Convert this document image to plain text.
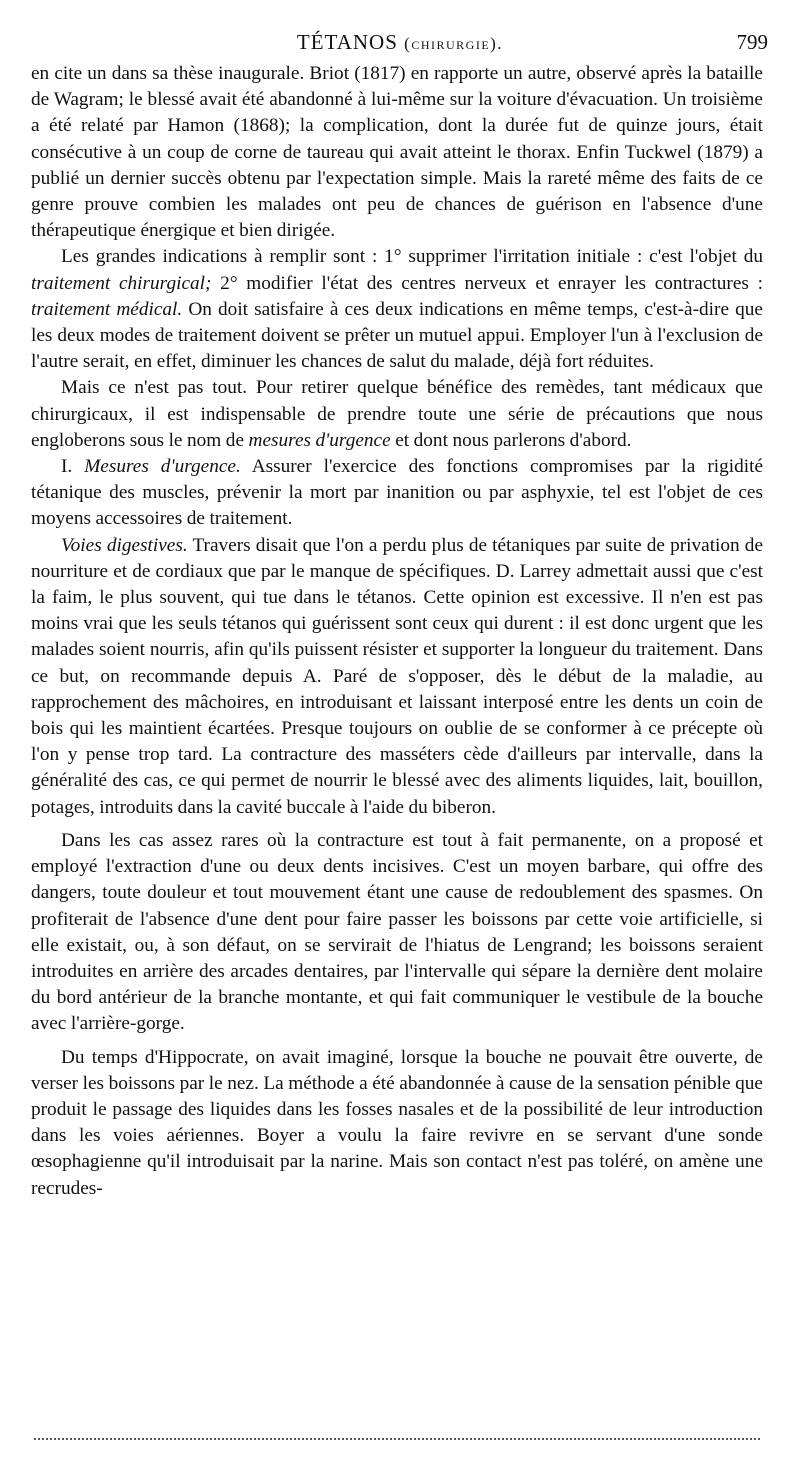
TÉTANOS (chirurgie).	799

en cite un dans sa thèse inaugurale. Briot (1817) en rapporte un autre, observé après la bataille de Wagram; le blessé avait été abandonné à lui-même sur la voiture d'évacuation. Un troisième a été relaté par Hamon (1868); la complication, dont la durée fut de quinze jours, était consécutive à un coup de corne de taureau qui avait atteint le thorax. Enfin Tuckwel (1879) a publié un dernier succès obtenu par l'expectation simple. Mais la rareté même des faits de ce genre prouve combien les malades ont peu de chances de guérison en l'absence d'une thérapeutique énergique et bien dirigée.

Les grandes indications à remplir sont : 1° supprimer l'irritation initiale : c'est l'objet du traitement chirurgical; 2° modifier l'état des centres nerveux et enrayer les contractures : traitement médical. On doit satisfaire à ces deux indications en même temps, c'est-à-dire que les deux modes de traitement doivent se prêter un mutuel appui. Employer l'un à l'exclusion de l'autre serait, en effet, diminuer les chances de salut du malade, déjà fort réduites.

Mais ce n'est pas tout. Pour retirer quelque bénéfice des remèdes, tant médicaux que chirurgicaux, il est indispensable de prendre toute une série de précautions que nous engloberons sous le nom de mesures d'urgence et dont nous parlerons d'abord.

I. Mesures d'urgence. Assurer l'exercice des fonctions compromises par la rigidité tétanique des muscles, prévenir la mort par inanition ou par asphyxie, tel est l'objet de ces moyens accessoires de traitement.

Voies digestives. Travers disait que l'on a perdu plus de tétaniques par suite de privation de nourriture et de cordiaux que par le manque de spécifiques. D. Larrey admettait aussi que c'est la faim, le plus souvent, qui tue dans le tétanos. Cette opinion est excessive. Il n'en est pas moins vrai que les seuls tétanos qui guérissent sont ceux qui durent : il est donc urgent que les malades soient nourris, afin qu'ils puissent résister et supporter la longueur du traitement. Dans ce but, on recommande depuis A. Paré de s'opposer, dès le début de la maladie, au rapprochement des mâchoires, en introduisant et laissant interposé entre les dents un coin de bois qui les maintient écartées. Presque toujours on oublie de se conformer à ce précepte où l'on y pense trop tard. La contracture des masséters cède d'ailleurs par intervalle, dans la généralité des cas, ce qui permet de nourrir le blessé avec des aliments liquides, lait, bouillon, potages, introduits dans la cavité buccale à l'aide du biberon.

Dans les cas assez rares où la contracture est tout à fait permanente, on a proposé et employé l'extraction d'une ou deux dents incisives. C'est un moyen barbare, qui offre des dangers, toute douleur et tout mouvement étant une cause de redoublement des spasmes. On profiterait de l'absence d'une dent pour faire passer les boissons par cette voie artificielle, si elle existait, ou, à son défaut, on se servirait de l'hiatus de Lengrand; les boissons seraient introduites en arrière des arcades dentaires, par l'intervalle qui sépare la dernière dent molaire du bord antérieur de la branche montante, et qui fait communiquer le vestibule de la bouche avec l'arrière-gorge.

Du temps d'Hippocrate, on avait imaginé, lorsque la bouche ne pouvait être ouverte, de verser les boissons par le nez. La méthode a été abandonnée à cause de la sensation pénible que produit le passage des liquides dans les fosses nasales et de la possibilité de leur introduction dans les voies aériennes. Boyer a voulu la faire revivre en se servant d'une sonde œsophagienne qu'il introduisait par la narine. Mais son contact n'est pas toléré, on amène une recrudes-
